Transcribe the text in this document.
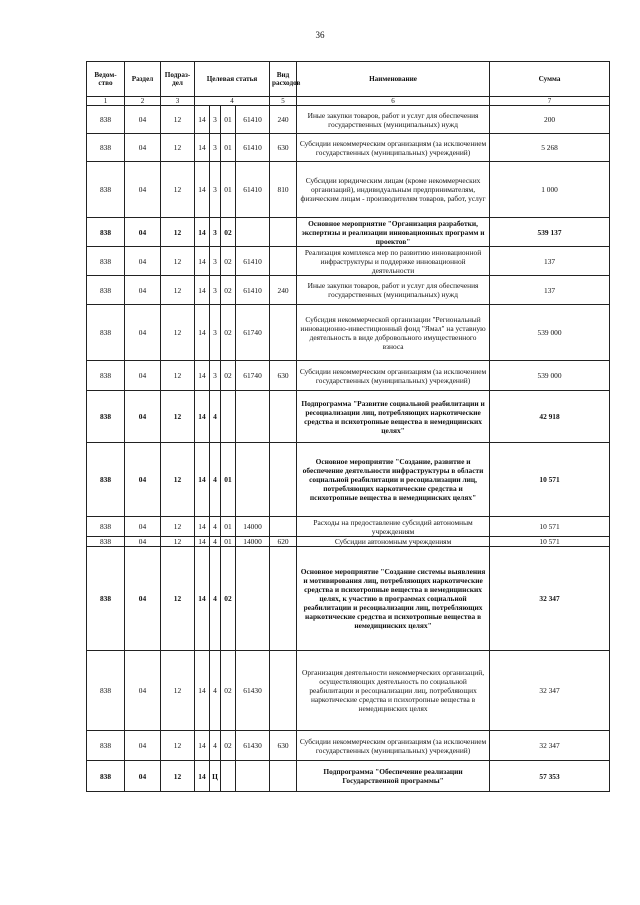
36
Ведом-ство	Раздел	Подраз-дел	Целевая статья				Вид расходов	Наименование	Сумма
1	2	3	4				5	6	7
838	04	12	14	3	01	61410	240	Иные закупки товаров, работ и услуг для обеспечения государственных (муниципальных) нужд	200
838	04	12	14	3	01	61410	630	Субсидии некоммерческим организациям (за исключением государственных (муниципальных) учреждений)	5 268
838	04	12	14	3	01	61410	810	Субсидии юридическим лицам (кроме некоммерческих организаций), индивидуальным предпринимателям, физическим лицам - производителям товаров, работ, услуг	1 000
838	04	12	14	3	02			Основное мероприятие "Организация разработки, экспертизы и реализации инновационных программ и проектов"	539 137
838	04	12	14	3	02	61410		Реализация комплекса мер по развитию инновационной инфраструктуры и поддержке инновационной деятельности	137
838	04	12	14	3	02	61410	240	Иные закупки товаров, работ и услуг для обеспечения государственных (муниципальных) нужд	137
838	04	12	14	3	02	61740		Субсидия некоммерческой организации "Региональный инновационно-инвестиционный фонд "Ямал" на уставную деятельность в виде добровольного имущественного взноса	539 000
838	04	12	14	3	02	61740	630	Субсидии некоммерческим организациям (за исключением государственных (муниципальных) учреждений)	539 000
838	04	12	14	4				Подпрограмма "Развитие социальной реабилитации и ресоциализации лиц, потребляющих наркотические средства и психотропные вещества в немедицинских целях"	42 918
838	04	12	14	4	01			Основное мероприятие "Создание, развитие и обеспечение деятельности инфраструктуры в области социальной реабилитации и ресоциализации лиц, потребляющих наркотические средства и психотропные вещества в немедицинских целях"	10 571
838	04	12	14	4	01	14000		Расходы на предоставление субсидий автономным учреждениям	10 571
838	04	12	14	4	01	14000	620	Субсидии автономным учреждениям	10 571
838	04	12	14	4	02			Основное мероприятие "Создание системы выявления и мотивирования лиц, потребляющих наркотические средства и психотропные вещества в немедицинских целях, к участию в программах социальной реабилитации и ресоциализации лиц, потребляющих наркотические средства и психотропные вещества в немедицинских целях"	32 347
838	04	12	14	4	02	61430		Организация деятельности некоммерческих организаций, осуществляющих деятельность по социальной реабилитации и ресоциализации лиц, потребляющих наркотические средства и психотропные вещества в немедицинских целях	32 347
838	04	12	14	4	02	61430	630	Субсидии некоммерческим организациям (за исключением государственных (муниципальных) учреждений)	32 347
838	04	12	14	Ц				Подпрограмма "Обеспечение реализации Государственной программы"	57 353
